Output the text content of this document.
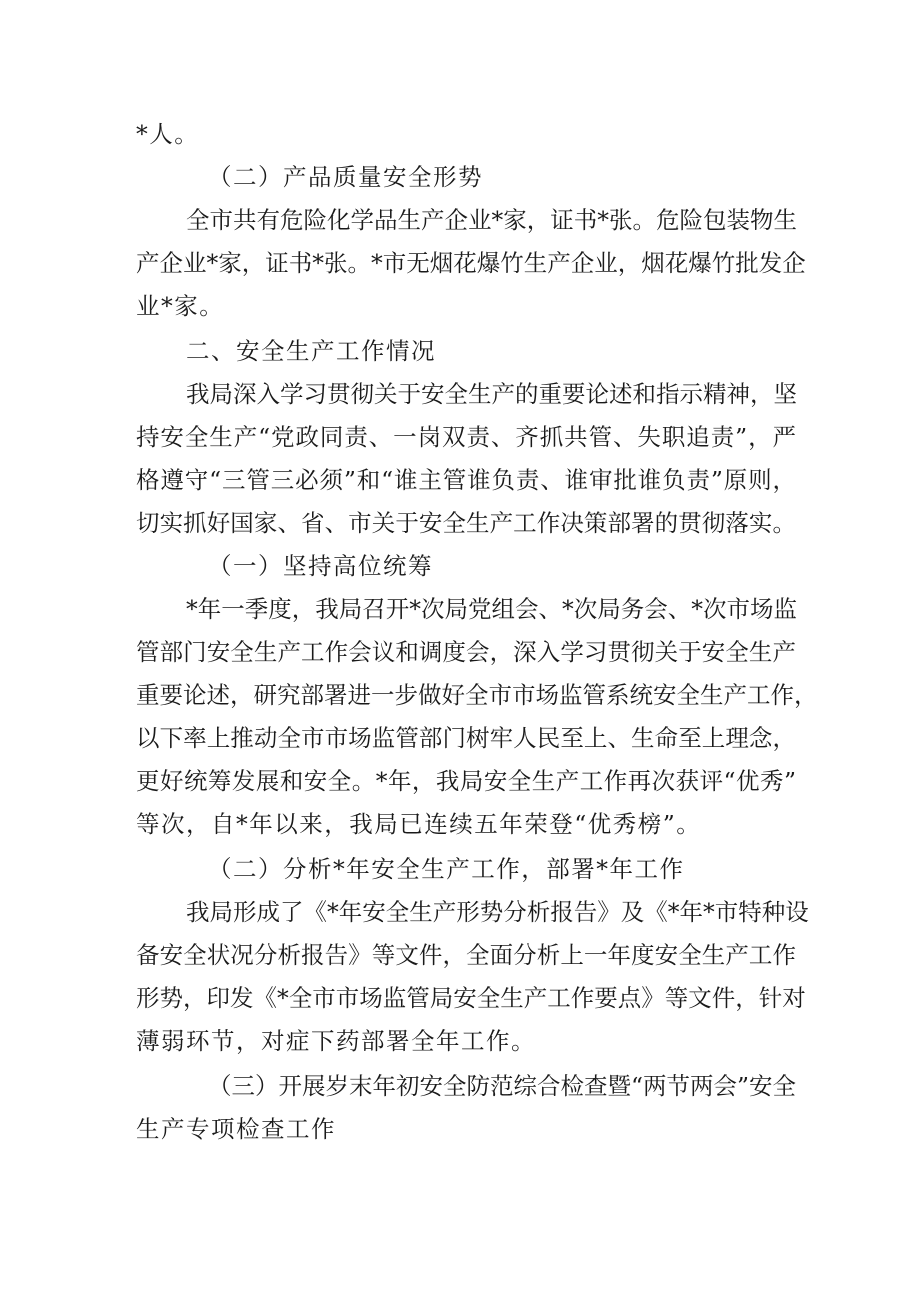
*人。
（二）产品质量安全形势
全市共有危险化学品生产企业*家，证书*张。危险包装物生
产企业*家，证书*张。*市无烟花爆竹生产企业，烟花爆竹批发企
业*家。
二、安全生产工作情况
我局深入学习贯彻关于安全生产的重要论述和指示精神，坚
持安全生产“党政同责、一岗双责、齐抓共管、失职追责”，严
格遵守“三管三必须”和“谁主管谁负责、谁审批谁负责”原则，
切实抓好国家、省、市关于安全生产工作决策部署的贯彻落实。
（一）坚持高位统筹
*年一季度，我局召开*次局党组会、*次局务会、*次市场监
管部门安全生产工作会议和调度会，深入学习贯彻关于安全生产
重要论述，研究部署进一步做好全市市场监管系统安全生产工作，
以下率上推动全市市场监管部门树牢人民至上、生命至上理念，
更好统筹发展和安全。*年，我局安全生产工作再次获评“优秀”
等次，自*年以来，我局已连续五年荣登“优秀榜”。
（二）分析*年安全生产工作，部署*年工作
我局形成了《*年安全生产形势分析报告》及《*年*市特种设
备安全状况分析报告》等文件，全面分析上一年度安全生产工作
形势，印发《*全市市场监管局安全生产工作要点》等文件，针对
薄弱环节，对症下药部署全年工作。
（三）开展岁末年初安全防范综合检查暨“两节两会”安全
生产专项检查工作
